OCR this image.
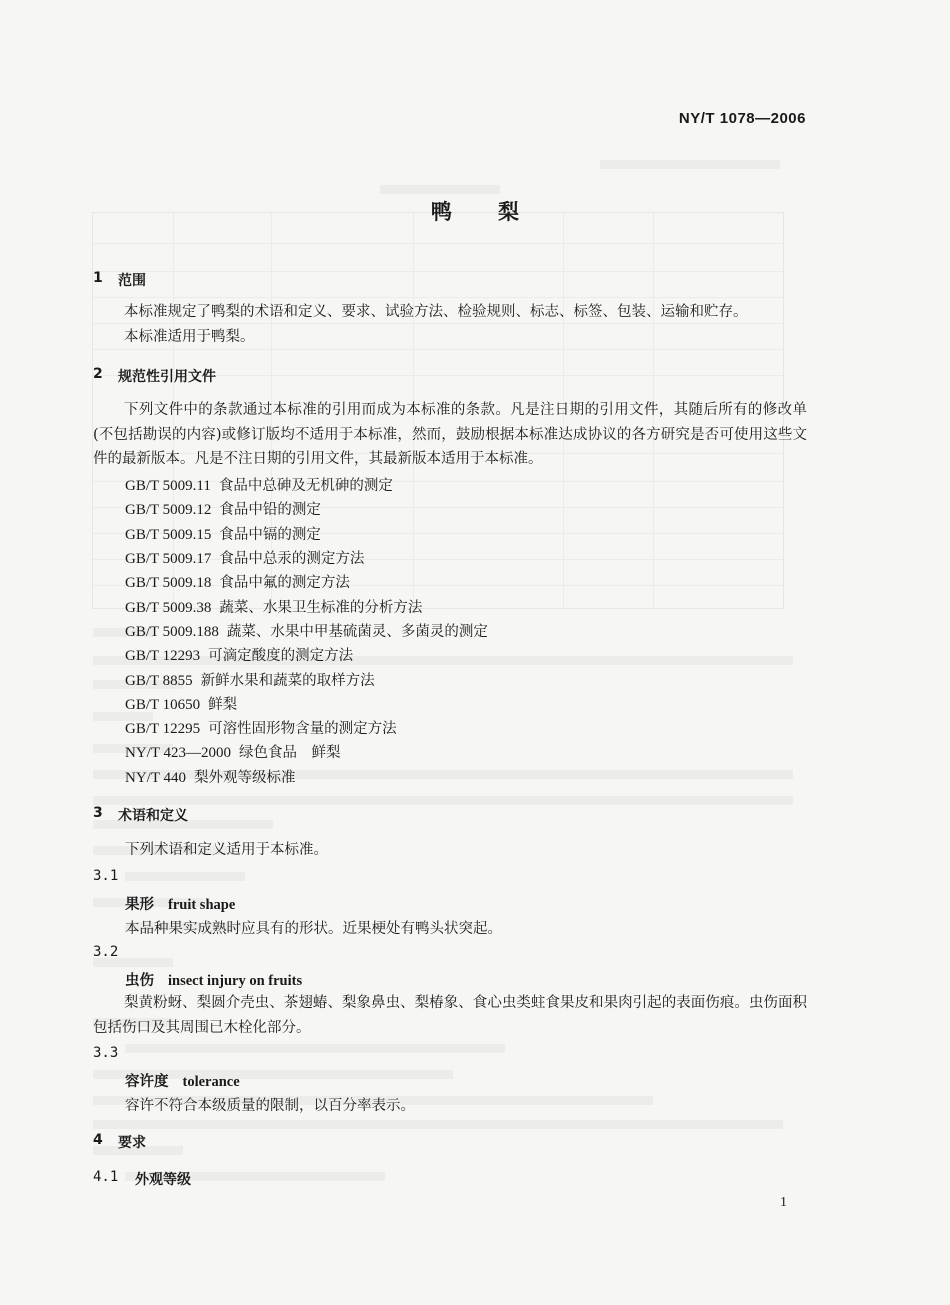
NY/T 1078—2006
鸭梨
1 范围
本标准规定了鸭梨的术语和定义、要求、试验方法、检验规则、标志、标签、包装、运输和贮存。
本标准适用于鸭梨。
2 规范性引用文件
下列文件中的条款通过本标准的引用而成为本标准的条款。凡是注日期的引用文件，其随后所有的修改单(不包括勘误的内容)或修订版均不适用于本标准，然而，鼓励根据本标准达成协议的各方研究是否可使用这些文件的最新版本。凡是不注日期的引用文件，其最新版本适用于本标准。
GB/T 5009.11 食品中总砷及无机砷的测定
GB/T 5009.12 食品中铅的测定
GB/T 5009.15 食品中镉的测定
GB/T 5009.17 食品中总汞的测定方法
GB/T 5009.18 食品中氟的测定方法
GB/T 5009.38 蔬菜、水果卫生标准的分析方法
GB/T 5009.188 蔬菜、水果中甲基硫菌灵、多菌灵的测定
GB/T 12293 可滴定酸度的测定方法
GB/T 8855 新鲜水果和蔬菜的取样方法
GB/T 10650 鲜梨
GB/T 12295 可溶性固形物含量的测定方法
NY/T 423—2000 绿色食品　鲜梨
NY/T 440 梨外观等级标准
3 术语和定义
下列术语和定义适用于本标准。
3.1
果形 fruit shape
本品种果实成熟时应具有的形状。近果梗处有鸭头状突起。
3.2
虫伤 insect injury on fruits
梨黄粉蚜、梨圆介壳虫、茶翅蝽、梨象鼻虫、梨椿象、食心虫类蛀食果皮和果肉引起的表面伤痕。虫伤面积包括伤口及其周围已木栓化部分。
3.3
容许度 tolerance
容许不符合本级质量的限制，以百分率表示。
4 要求
4.1 外观等级
1
